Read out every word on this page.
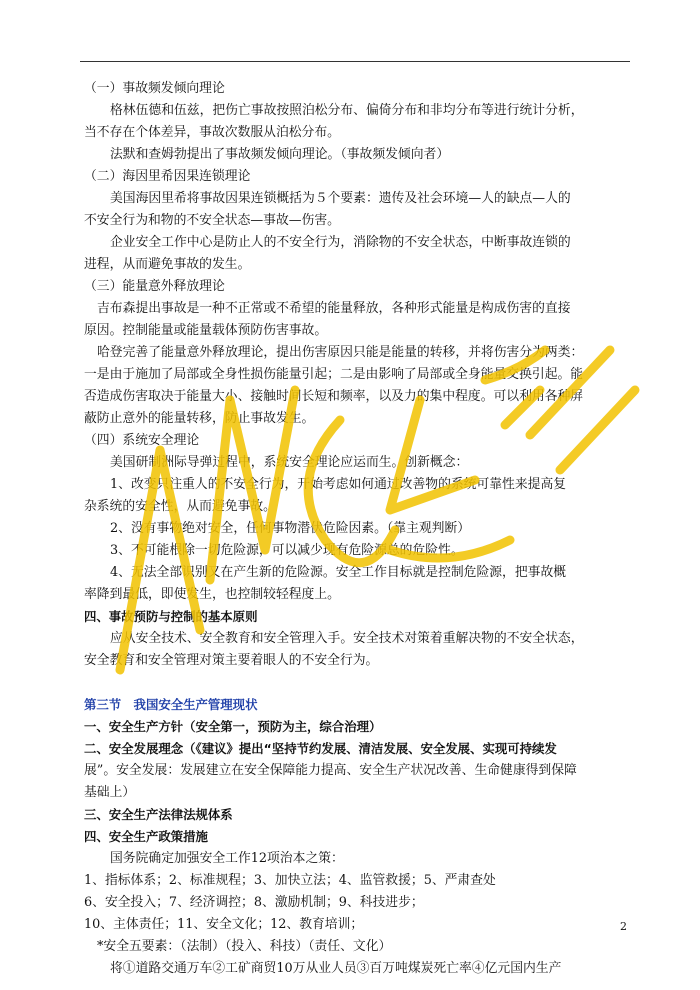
（一）事故频发倾向理论
格林伍德和伍兹，把伤亡事故按照泊松分布、偏倚分布和非均分布等进行统计分析，
当不存在个体差异，事故次数服从泊松分布。
法默和查姆勃提出了事故频发倾向理论。（事故频发倾向者）
（二）海因里希因果连锁理论
美国海因里希将事故因果连锁概括为５个要素：遗传及社会环境—人的缺点—人的
不安全行为和物的不安全状态—事故—伤害。
企业安全工作中心是防止人的不安全行为，消除物的不安全状态，中断事故连锁的
进程，从而避免事故的发生。
（三）能量意外释放理论
吉布森提出事故是一种不正常或不希望的能量释放，各种形式能量是构成伤害的直接
原因。控制能量或能量载体预防伤害事故。
哈登完善了能量意外释放理论，提出伤害原因只能是能量的转移，并将伤害分为两类：
一是由于施加了局部或全身性损伤能量引起；二是由影响了局部或全身能量交换引起。能
否造成伤害取决于能量大小、接触时间长短和频率，以及力的集中程度。可以利用各种屏
蔽防止意外的能量转移，防止事故发生。
（四）系统安全理论
美国研制洲际导弹过程中，系统安全理论应运而生。创新概念：
1、改变只注重人的不安全行为，开始考虑如何通过改善物的系统可靠性来提高复
杂系统的安全性，从而避免事故。
2、没有事物绝对安全，任何事物潜伏危险因素。（靠主观判断）
3、不可能根除一切危险源，可以减少现有危险源总的危险性。
4、无法全部识别又在产生新的危险源。安全工作目标就是控制危险源，把事故概
率降到最低，即使发生，也控制较轻程度上。
四、事故预防与控制的基本原则
应从安全技术、安全教育和安全管理入手。安全技术对策着重解决物的不安全状态，
安全教育和安全管理对策主要着眼人的不安全行为。
第三节　我国安全生产管理现状
一、安全生产方针（安全第一，预防为主，综合治理）
二、安全发展理念（《建议》提出“坚持节约发展、清洁发展、安全发展、实现可持续发
展”。安全发展：发展建立在安全保障能力提高、安全生产状况改善、生命健康得到保障
基础上）
三、安全生产法律法规体系
四、安全生产政策措施
国务院确定加强安全工作12项治本之策：
1、指标体系；2、标准规程；3、加快立法；4、监管救援；5、严肃查处
6、安全投入；7、经济调控；8、激励机制；9、科技进步；
10、主体责任；11、安全文化；12、教育培训；
*安全五要素：（法制）（投入、科技）（责任、文化）
将①道路交通万车②工矿商贸10万从业人员③百万吨煤炭死亡率④亿元国内生产
2
